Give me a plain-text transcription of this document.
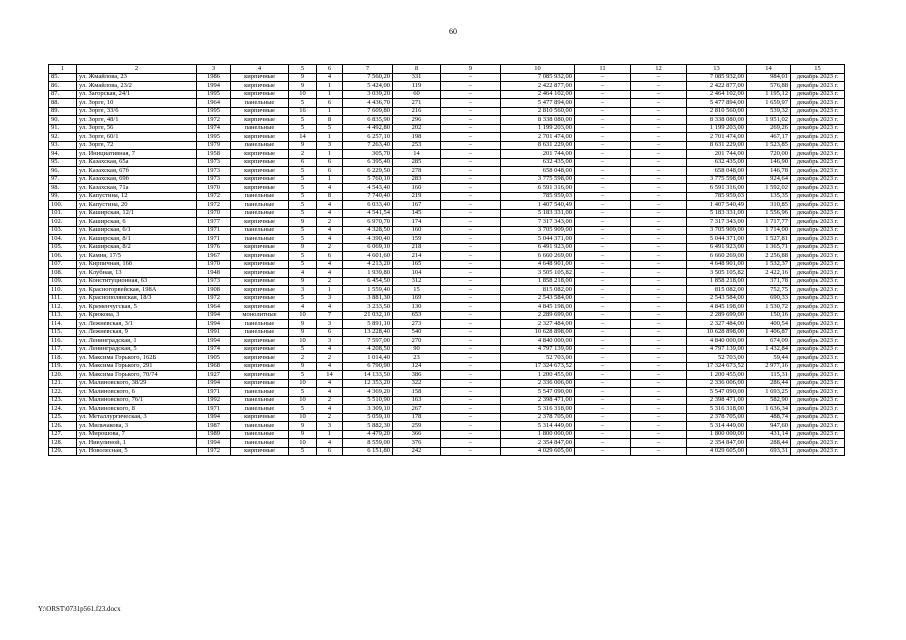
60
1	2	3	4	5	6	7	8	9	10	11	12	13	14	15
85.	ул. Жмайлова, 23	1986	кирпичные	9	4	7 560,20	331	–	7 085 932,00	–	–	7 085 932,00	984,01	декабрь 2023 г.
86.	ул. Жмайлова, 23/2	1994	кирпичные	9	1	5 424,00	119	–	2 422 877,00	–	–	2 422 877,00	576,88	декабрь 2023 г.
87.	ул. Загорская, 24/1	1995	кирпичные	10	1	3 039,20	60	–	2 464 102,00	–	–	2 464 102,00	1 195,12	декабрь 2023 г.
88.	ул. Зорге, 10	1964	панельные	5	6	4 436,70	271	–	5 477 894,00	–	–	5 477 894,00	1 659,97	декабрь 2023 г.
89.	ул. Зорге, 33/6	1995	кирпичные	16	1	7 609,80	216	–	2 810 560,00	–	–	2 810 560,00	539,32	декабрь 2023 г.
90.	ул. Зорге, 48/1	1972	кирпичные	5	8	6 835,90	296	–	8 338 080,00	–	–	8 338 080,00	1 951,02	декабрь 2023 г.
91.	ул. Зорге, 56	1974	панельные	5	5	4 492,80	202	–	1 199 203,00	–	–	1 199 203,00	269,26	декабрь 2023 г.
92.	ул. Зорге, 60/1	1995	кирпичные	14	1	6 257,10	198	–	2 701 474,00	–	–	2 701 474,00	467,17	декабрь 2023 г.
93.	ул. Зорге, 72	1979	панельные	9	3	7 263,40	253	–	8 631 229,00	–	–	8 631 229,00	1 523,85	декабрь 2023 г.
94.	ул. Инициативная, 7	1958	кирпичные	2	1	305,70	14	–	201 744,00	–	–	201 744,00	720,00	декабрь 2023 г.
95.	ул. Казахская, 65а	1973	кирпичные	6	6	6 395,40	285	–	632 435,00	–	–	632 435,00	146,90	декабрь 2023 г.
96.	ул. Казахская, 67б	1973	кирпичные	5	6	6 229,50	278	–	658 048,00	–	–	658 048,00	146,78	декабрь 2023 г.
97.	ул. Казахская, 69б	1973	кирпичные	5	1	5 760,10	283	–	3 775 598,00	–	–	3 775 598,00	924,64	декабрь 2023 г.
98.	ул. Казахская, 71а	1970	кирпичные	5	4	4 543,40	160	–	6 591 316,00	–	–	6 591 316,00	1 592,02	декабрь 2023 г.
99.	ул. Капустина, 12	1972	панельные	5	8	7 740,40	219	–	785 959,03	–	–	785 959,03	135,35	декабрь 2023 г.
100.	ул. Капустина, 20	1972	панельные	5	4	6 033,40	167	–	1 407 540,49	–	–	1 407 540,49	310,85	декабрь 2023 г.
101.	ул. Каширская, 12/1	1970	панельные	5	4	4 541,54	145	–	5 183 331,00	–	–	5 183 331,00	1 556,96	декабрь 2023 г.
102.	ул. Каширская, 6	1977	кирпичные	9	2	6 970,70	174	–	7 317 343,00	–	–	7 317 343,00	1 717,77	декабрь 2023 г.
103.	ул. Каширская, 6/1	1971	панельные	5	4	4 328,50	160	–	3 705 909,00	–	–	3 705 909,00	1 714,00	декабрь 2023 г.
104.	ул. Каширская, 8/1	1971	панельные	5	4	4 390,40	159	–	5 044 371,00	–	–	5 044 371,00	1 527,81	декабрь 2023 г.
105.	ул. Каширская, 8/2	1976	кирпичные	9	2	6 069,10	218	–	6 491 923,00	–	–	6 491 923,00	1 365,71	декабрь 2023 г.
106.	ул. Камня, 17/5	1967	кирпичные	5	6	4 601,60	214	–	6 660 269,00	–	–	6 660 269,00	2 256,88	декабрь 2023 г.
107.	ул. Кирпичная, 16б	1970	кирпичные	5	4	4 213,20	165	–	4 648 901,00	–	–	4 648 901,00	1 532,37	декабрь 2023 г.
108.	ул. Клубная, 13	1948	кирпичные	4	4	1 939,80	104	–	3 505 105,82	–	–	3 505 105,82	2 422,16	декабрь 2023 г.
109.	ул. Конституционная, 63	1973	кирпичные	9	2	6 454,50	312	–	1 858 218,00	–	–	1 858 218,00	371,78	декабрь 2023 г.
110.	ул. Красногорвейская, 198А	1908	кирпичные	3	1	1 559,40	15	–	815 082,00	–	–	815 082,00	752,75	декабрь 2023 г.
111.	ул. Краснополянская, 18/3	1972	кирпичные	5	3	3 881,30	169	–	2 543 584,00	–	–	2 543 584,00	690,33	декабрь 2023 г.
112.	ул. Кременчугская, 5	1964	кирпичные	4	4	3 233,50	130	–	4 845 198,00	–	–	4 845 198,00	1 530,72	декабрь 2023 г.
113.	ул. Крюкова, 3	1994	монолитные	10	7	21 032,10	653	–	2 289 699,00	–	–	2 289 699,00	150,16	декабрь 2023 г.
114.	ул. Лежневская, 3/1	1994	панельные	9	3	5 891,10	273	–	2 327 484,00	–	–	2 327 484,00	400,54	декабрь 2023 г.
115.	ул. Лежневская, 9	1991	панельные	9	6	13 228,40	540	–	10 628 898,00	–	–	10 628 898,00	1 406,87	декабрь 2023 г.
116.	ул. Ленинградская, 1	1994	кирпичные	10	3	7 597,00	270	–	4 840 000,00	–	–	4 840 000,00	674,09	декабрь 2023 г.
117.	ул. Ленинградская, 5	1974	кирпичные	5	4	4 208,50	90	–	4 797 139,00	–	–	4 797 139,00	1 432,84	декабрь 2023 г.
118.	ул. Максима Горького, 162Б	1905	кирпичные	2	2	1 014,40	23	–	52 703,00	–	–	52 703,00	59,44	декабрь 2023 г.
119.	ул. Максима Горького, 291	1968	кирпичные	9	4	6 790,90	124	–	17 324 673,52	–	–	17 324 673,52	2 977,16	декабрь 2023 г.
120.	ул. Максима Горького, 70/74	1927	кирпичные	5	14	14 133,50	386	–	1 200 455,00	–	–	1 200 455,00	115,31	декабрь 2023 г.
121.	ул. Малиновского, 38/29	1994	кирпичные	10	4	12 353,20	322	–	2 336 006,00	–	–	2 336 006,00	286,44	декабрь 2023 г.
122.	ул. Малиновского, 6	1971	панельные	5	4	4 369,20	158	–	5 547 090,00	–	–	5 547 090,00	1 693,25	декабрь 2023 г.
123.	ул. Малиновского, 76/1	1992	панельные	10	2	5 510,90	163	–	2 398 471,00	–	–	2 398 471,00	582,90	декабрь 2023 г.
124.	ул. Малиновского, 8	1971	панельные	5	4	3 309,10	267	–	5 316 318,00	–	–	5 316 318,00	1 636,34	декабрь 2023 г.
125.	ул. Металлургическая, 3	1994	кирпичные	10	2	5 059,10	178	–	2 378 705,00	–	–	2 378 705,00	488,74	декабрь 2023 г.
126.	ул. Мильчакова, 3	1987	панельные	9	3	5 882,30	259	–	5 314 449,00	–	–	5 314 449,00	947,60	декабрь 2023 г.
127.	ул. Мирошова, 7	1989	панельные	9	1	4 479,20	366	–	1 800 000,00	–	–	1 800 000,00	431,14	декабрь 2023 г.
128.	ул. Никулиной, 1	1994	панельные	10	4	8 559,00	376	–	2 354 847,00	–	–	2 354 847,00	288,44	декабрь 2023 г.
129.	ул. Новолесная, 5	1972	кирпичные	5	6	6 151,80	242	–	4 029 605,00	–	–	4 029 605,00	693,31	декабрь 2023 г.
Y:\ORST\0731p561.f23.docx
